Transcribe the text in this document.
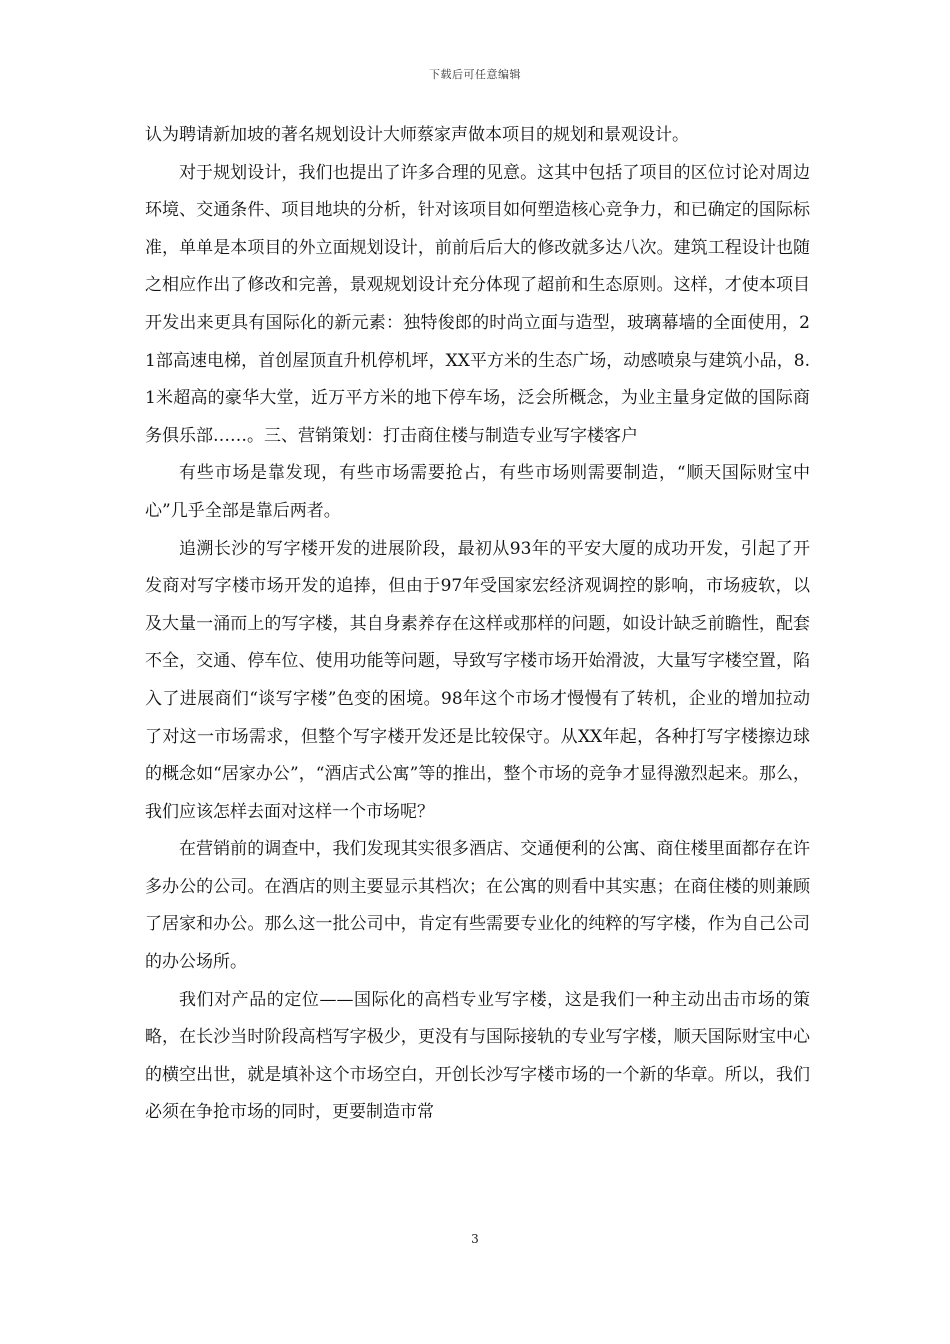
下载后可任意编辑

认为聘请新加坡的著名规划设计大师蔡家声做本项目的规划和景观设计。

对于规划设计，我们也提出了许多合理的见意。这其中包括了项目的区位讨论对周边环境、交通条件、项目地块的分析，针对该项目如何塑造核心竞争力，和已确定的国际标准，单单是本项目的外立面规划设计，前前后后大的修改就多达八次。建筑工程设计也随之相应作出了修改和完善，景观规划设计充分体现了超前和生态原则。这样，才使本项目开发出来更具有国际化的新元素：独特俊郎的时尚立面与造型，玻璃幕墙的全面使用，21部高速电梯，首创屋顶直升机停机坪，XX平方米的生态广场，动感喷泉与建筑小品，8.1米超高的豪华大堂，近万平方米的地下停车场，泛会所概念，为业主量身定做的国际商务俱乐部……。三、营销策划：打击商住楼与制造专业写字楼客户

有些市场是靠发现，有些市场需要抢占，有些市场则需要制造，“顺天国际财宝中心”几乎全部是靠后两者。

追溯长沙的写字楼开发的进展阶段，最初从93年的平安大厦的成功开发，引起了开发商对写字楼市场开发的追捧，但由于97年受国家宏经济观调控的影响，市场疲软，以及大量一涌而上的写字楼，其自身素养存在这样或那样的问题，如设计缺乏前瞻性，配套不全，交通、停车位、使用功能等问题，导致写字楼市场开始滑波，大量写字楼空置，陷入了进展商们“谈写字楼”色变的困境。98年这个市场才慢慢有了转机，企业的增加拉动了对这一市场需求，但整个写字楼开发还是比较保守。从XX年起，各种打写字楼擦边球的概念如“居家办公”，“酒店式公寓”等的推出，整个市场的竞争才显得激烈起来。那么，我们应该怎样去面对这样一个市场呢？

在营销前的调查中，我们发现其实很多酒店、交通便利的公寓、商住楼里面都存在许多办公的公司。在酒店的则主要显示其档次；在公寓的则看中其实惠；在商住楼的则兼顾了居家和办公。那么这一批公司中，肯定有些需要专业化的纯粹的写字楼，作为自己公司的办公场所。

我们对产品的定位——国际化的高档专业写字楼，这是我们一种主动出击市场的策略，在长沙当时阶段高档写字极少，更没有与国际接轨的专业写字楼，顺天国际财宝中心的横空出世，就是填补这个市场空白，开创长沙写字楼市场的一个新的华章。所以，我们必须在争抢市场的同时，更要制造市常

3
